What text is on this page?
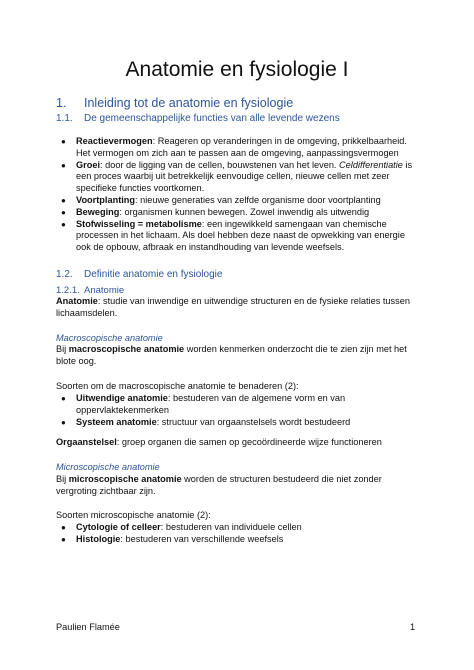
Anatomie en fysiologie I
1. Inleiding tot de anatomie en fysiologie
1.1. De gemeenschappelijke functies van alle levende wezens
● Reactievermogen: Reageren op veranderingen in de omgeving, prikkelbaarheid. Het vermogen om zich aan te passen aan de omgeving, aanpassingsvermogen
● Groei: door de ligging van de cellen, bouwstenen van het leven. Celdifferentiatie is een proces waarbij uit betrekkelijk eenvoudige cellen, nieuwe cellen met zeer specifieke functies voortkomen.
● Voortplanting: nieuwe generaties van zelfde organisme door voortplanting
● Beweging: organismen kunnen bewegen. Zowel inwendig als uitwendig
● Stofwisseling = metabolisme: een ingewikkeld samengaan van chemische processen in het lichaam. Als doel hebben deze naast de opwekking van energie ook de opbouw, afbraak en instandhouding van levende weefsels.
1.2. Definitie anatomie en fysiologie
1.2.1. Anatomie
Anatomie: studie van inwendige en uitwendige structuren en de fysieke relaties tussen lichaamsdelen.
Macroscopische anatomie
Bij macroscopische anatomie worden kenmerken onderzocht die te zien zijn met het blote oog.
Soorten om de macroscopische anatomie te benaderen (2):
● Uitwendige anatomie: bestuderen van de algemene vorm en van oppervlaktekenmerken
● Systeem anatomie: structuur van orgaanstelsels wordt bestudeerd
Orgaanstelsel: groep organen die samen op gecoördineerde wijze functioneren
Microscopische anatomie
Bij microscopische anatomie worden de structuren bestudeerd die niet zonder vergroting zichtbaar zijn.
Soorten microscopische anatomie (2):
● Cytologie of celleer: bestuderen van individuele cellen
● Histologie: bestuderen van verschillende weefsels
Paulien Flamée	1
